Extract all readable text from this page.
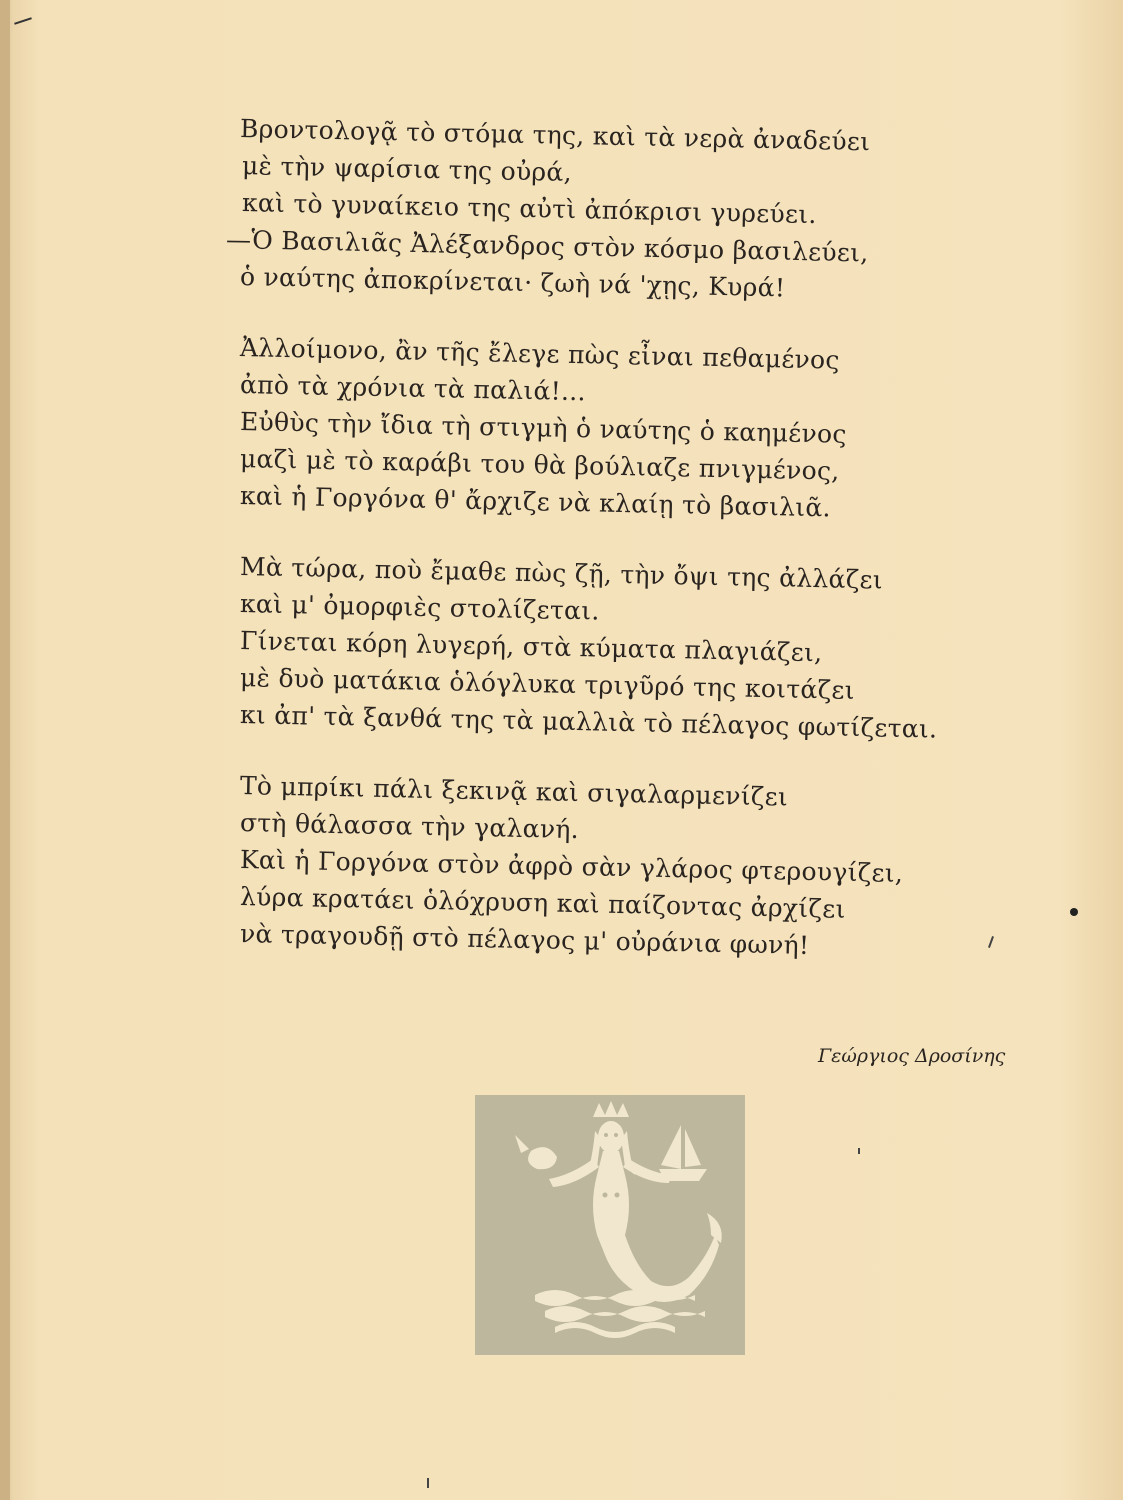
Βροντολογᾷ τὸ στόμα της, καὶ τὰ νερὰ ἀναδεύει
μὲ τὴν ψαρίσια της οὐρά,
καὶ τὸ γυναίκειο της αὐτὶ ἀπόκρισι γυρεύει.
—Ὁ Βασιλιᾶς Ἀλέξανδρος στὸν κόσμο βασιλεύει,
ὁ ναύτης ἀποκρίνεται· ζωὴ νά 'χῃς, Κυρά!
Ἀλλοίμονο, ἂν τῆς ἔλεγε πὼς εἶναι πεθαμένος
ἀπὸ τὰ χρόνια τὰ παλιά!...
Εὐθὺς τὴν ἴδια τὴ στιγμὴ ὁ ναύτης ὁ καημένος
μαζὶ μὲ τὸ καράβι του θὰ βούλιαζε πνιγμένος,
καὶ ἡ Γοργόνα θ' ἄρχιζε νὰ κλαίῃ τὸ βασιλιᾶ.
Μὰ τώρα, ποὺ ἔμαθε πὼς ζῇ, τὴν ὄψι της ἀλλάζει
καὶ μ' ὀμορφιὲς στολίζεται.
Γίνεται κόρη λυγερή, στὰ κύματα πλαγιάζει,
μὲ δυὸ ματάκια ὁλόγλυκα τριγῦρό της κοιτάζει
κι ἀπ' τὰ ξανθά της τὰ μαλλιὰ τὸ πέλαγος φωτίζεται.
Τὸ μπρίκι πάλι ξεκινᾷ καὶ σιγαλαρμενίζει
στὴ θάλασσα τὴν γαλανή.
Καὶ ἡ Γοργόνα στὸν ἀφρὸ σὰν γλάρος φτερουγίζει,
λύρα κρατάει ὁλόχρυση καὶ παίζοντας ἀρχίζει
νὰ τραγουδῇ στὸ πέλαγος μ' οὐράνια φωνή!
Γεώργιος Δροσίνης
